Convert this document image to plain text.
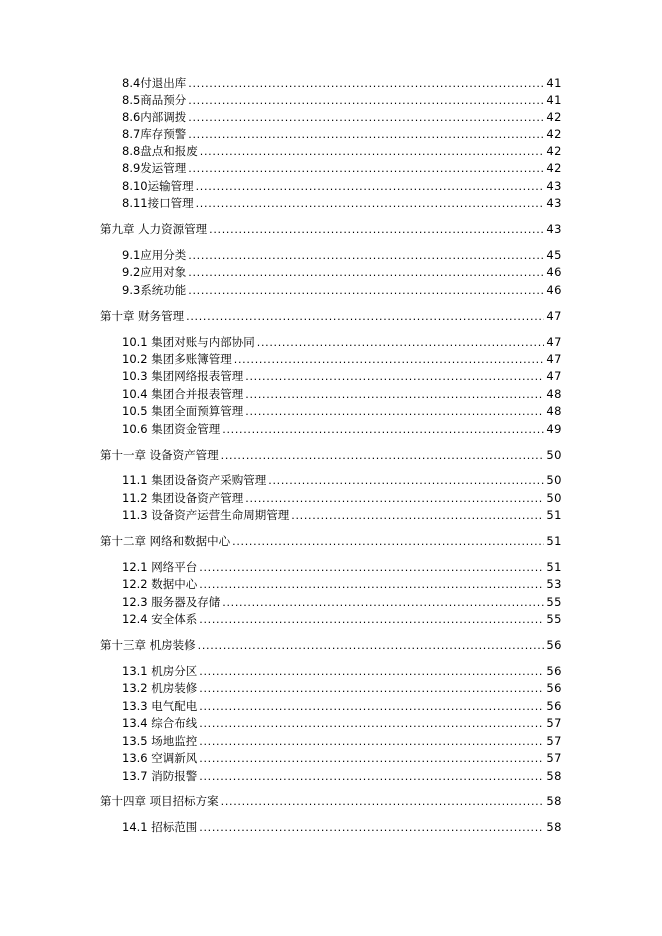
8.4付退出库 . . .	41
8.5商品预分 . . .	41
8.6内部调拨 . . .	42
8.7库存预警 . . .	42
8.8盘点和报废 . . .	42
8.9发运管理 . . .	42
8.10运输管理 . . .	43
8.11接口管理 . . .	43
第九章 人力资源管理 . . .	43
9.1应用分类 . . .	45
9.2应用对象 . . .	46
9.3系统功能 . . .	46
第十章 财务管理 . . .	47
10.1 集团对账与内部协同 . . .	47
10.2 集团多账簿管理 . . .	47
10.3 集团网络报表管理 . . .	47
10.4 集团合并报表管理 . . .	48
10.5 集团全面预算管理 . . .	48
10.6 集团资金管理 . . .	49
第十一章 设备资产管理 . . .	50
11.1 集团设备资产采购管理 . . .	50
11.2 集团设备资产管理 . . .	50
11.3 设备资产运营生命周期管理 . . .	51
第十二章 网络和数据中心 . . .	51
12.1 网络平台 . . .	51
12.2 数据中心 . . .	53
12.3 服务器及存储 . . .	55
12.4 安全体系 . . .	55
第十三章 机房装修 . . .	56
13.1 机房分区 . . .	56
13.2 机房装修 . . .	56
13.3 电气配电 . . .	56
13.4 综合布线 . . .	57
13.5 场地监控 . . .	57
13.6 空调新风 . . .	57
13.7 消防报警 . . .	58
第十四章 项目招标方案 . . .	58
14.1 招标范围 . . .	58
